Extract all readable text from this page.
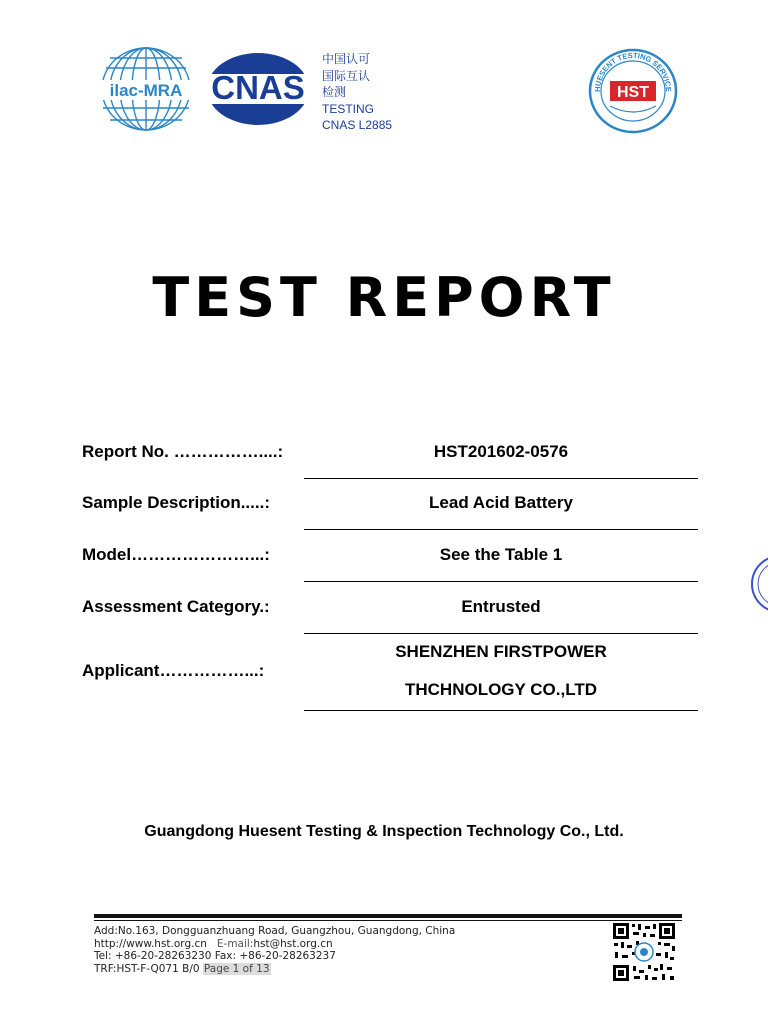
ilac-MRA CNAS
中国认可
国际互认
检测
TESTING
CNAS L2885
HUESENT TESTING SERVICE
HST
TEST REPORT
Report No. ……………....:	HST201602-0576
Sample Description.....:	Lead Acid Battery
Model…………………...:	See the Table 1
Assessment Category.:	Entrusted
Applicant……………...:
SHENZHEN FIRSTPOWER
THCHNOLOGY CO.,LTD
Guangdong Huesent Testing & Inspection Technology Co., Ltd.
Add:No.163, Dongguanzhuang Road, Guangzhou, Guangdong, China
http://www.hst.org.cn E-mail:hst@hst.org.cn
Tel: +86-20-28263230 Fax: +86-20-28263237
TRF:HST-F-Q071 B/0 Page 1 of 13
